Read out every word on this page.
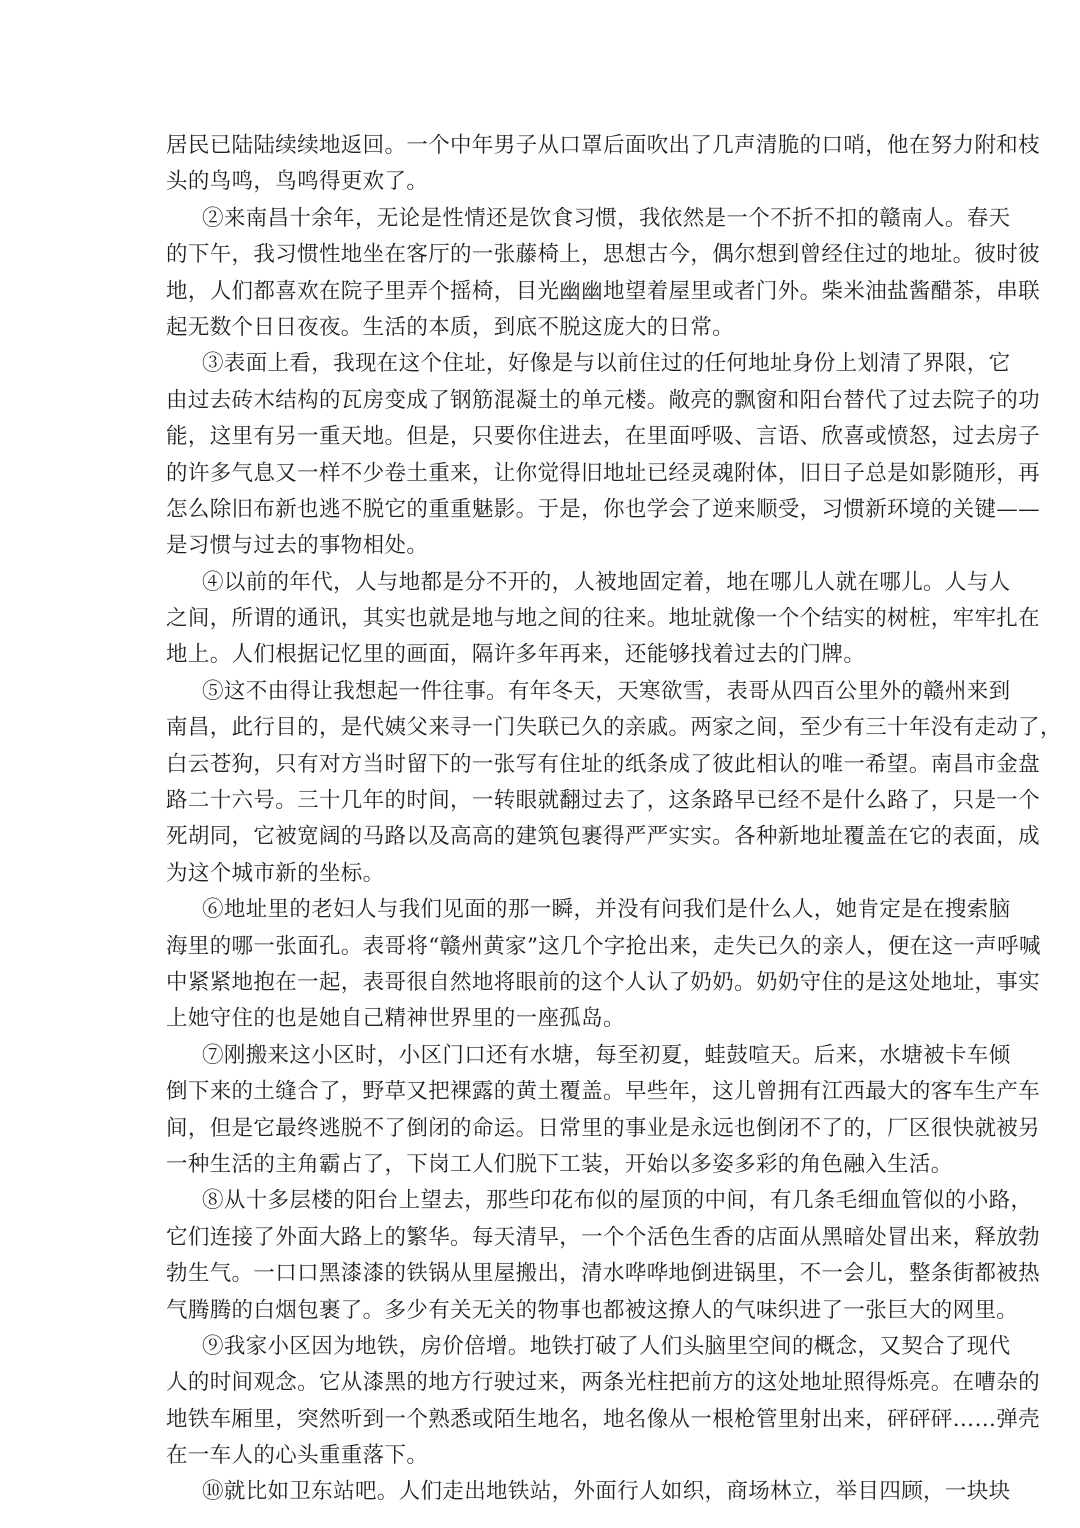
居民已陆陆续续地返回。一个中年男子从口罩后面吹出了几声清脆的口哨，他在努力附和枝
头的鸟鸣，鸟鸣得更欢了。
②来南昌十余年，无论是性情还是饮食习惯，我依然是一个不折不扣的赣南人。春天
的下午，我习惯性地坐在客厅的一张藤椅上，思想古今，偶尔想到曾经住过的地址。彼时彼
地，人们都喜欢在院子里弄个摇椅，目光幽幽地望着屋里或者门外。柴米油盐酱醋茶，串联
起无数个日日夜夜。生活的本质，到底不脱这庞大的日常。
③表面上看，我现在这个住址，好像是与以前住过的任何地址身份上划清了界限，它
由过去砖木结构的瓦房变成了钢筋混凝土的单元楼。敞亮的飘窗和阳台替代了过去院子的功
能，这里有另一重天地。但是，只要你住进去，在里面呼吸、言语、欣喜或愤怒，过去房子
的许多气息又一样不少卷土重来，让你觉得旧地址已经灵魂附体，旧日子总是如影随形，再
怎么除旧布新也逃不脱它的重重魅影。于是，你也学会了逆来顺受，习惯新环境的关键——
是习惯与过去的事物相处。
④以前的年代，人与地都是分不开的，人被地固定着，地在哪儿人就在哪儿。人与人
之间，所谓的通讯，其实也就是地与地之间的往来。地址就像一个个结实的树桩，牢牢扎在
地上。人们根据记忆里的画面，隔许多年再来，还能够找着过去的门牌。
⑤这不由得让我想起一件往事。有年冬天，天寒欲雪，表哥从四百公里外的赣州来到
南昌，此行目的，是代姨父来寻一门失联已久的亲戚。两家之间，至少有三十年没有走动了，
白云苍狗，只有对方当时留下的一张写有住址的纸条成了彼此相认的唯一希望。南昌市金盘
路二十六号。三十几年的时间，一转眼就翻过去了，这条路早已经不是什么路了，只是一个
死胡同，它被宽阔的马路以及高高的建筑包裹得严严实实。各种新地址覆盖在它的表面，成
为这个城市新的坐标。
⑥地址里的老妇人与我们见面的那一瞬，并没有问我们是什么人，她肯定是在搜索脑
海里的哪一张面孔。表哥将“赣州黄家”这几个字抢出来，走失已久的亲人，便在这一声呼喊
中紧紧地抱在一起，表哥很自然地将眼前的这个人认了奶奶。奶奶守住的是这处地址，事实
上她守住的也是她自己精神世界里的一座孤岛。
⑦刚搬来这小区时，小区门口还有水塘，每至初夏，蛙鼓喧天。后来，水塘被卡车倾
倒下来的土缝合了，野草又把裸露的黄土覆盖。早些年，这儿曾拥有江西最大的客车生产车
间，但是它最终逃脱不了倒闭的命运。日常里的事业是永远也倒闭不了的，厂区很快就被另
一种生活的主角霸占了，下岗工人们脱下工装，开始以多姿多彩的角色融入生活。
⑧从十多层楼的阳台上望去，那些印花布似的屋顶的中间，有几条毛细血管似的小路，
它们连接了外面大路上的繁华。每天清早，一个个活色生香的店面从黑暗处冒出来，释放勃
勃生气。一口口黑漆漆的铁锅从里屋搬出，清水哗哗地倒进锅里，不一会儿，整条街都被热
气腾腾的白烟包裹了。多少有关无关的物事也都被这撩人的气味织进了一张巨大的网里。
⑨我家小区因为地铁，房价倍增。地铁打破了人们头脑里空间的概念，又契合了现代
人的时间观念。它从漆黑的地方行驶过来，两条光柱把前方的这处地址照得烁亮。在嘈杂的
地铁车厢里，突然听到一个熟悉或陌生地名，地名像从一根枪管里射出来，砰砰砰……弹壳
在一车人的心头重重落下。
⑩就比如卫东站吧。人们走出地铁站，外面行人如织，商场林立，举目四顾，一块块
